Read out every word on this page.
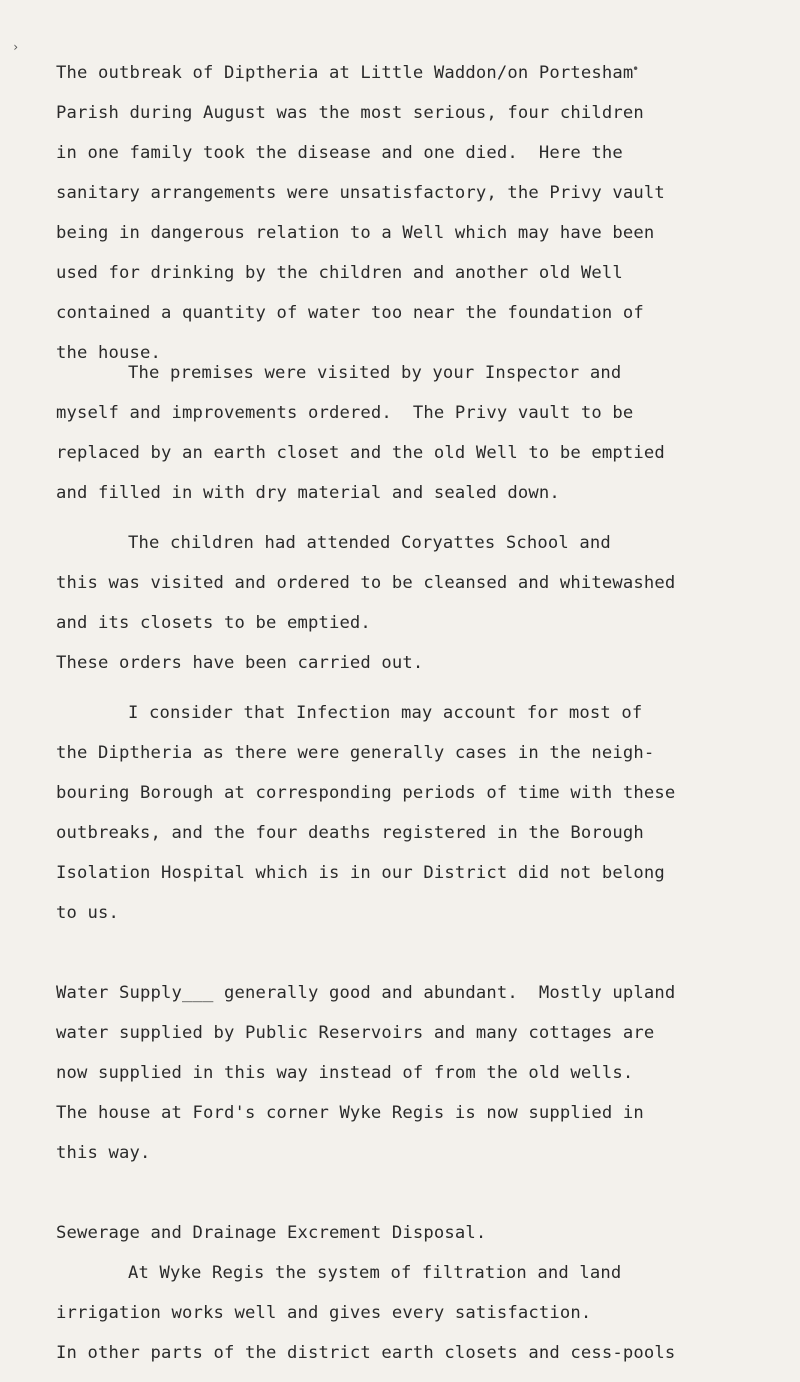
›
•
The outbreak of Diptheria at Little Waddon/on Portesham
Parish during August was the most serious, four children
in one family took the disease and one died.  Here the
sanitary arrangements were unsatisfactory, the Privy vault
being in dangerous relation to a Well which may have been
used for drinking by the children and another old Well
contained a quantity of water too near the foundation of
the house.
The premises were visited by your Inspector and
myself and improvements ordered.  The Privy vault to be
replaced by an earth closet and the old Well to be emptied
and filled in with dry material and sealed down.
The children had attended Coryattes School and
this was visited and ordered to be cleansed and whitewashed
and its closets to be emptied.
These orders have been carried out.
I consider that Infection may account for most of
the Diptheria as there were generally cases in the neigh-
bouring Borough at corresponding periods of time with these
outbreaks, and the four deaths registered in the Borough
Isolation Hospital which is in our District did not belong
to us.
Water Supply___ generally good and abundant.  Mostly upland
water supplied by Public Reservoirs and many cottages are
now supplied in this way instead of from the old wells.
The house at Ford's corner Wyke Regis is now supplied in
this way.
Sewerage and Drainage Excrement Disposal.
At Wyke Regis the system of filtration and land
irrigation works well and gives every satisfaction.
In other parts of the district earth closets and cess-pools
